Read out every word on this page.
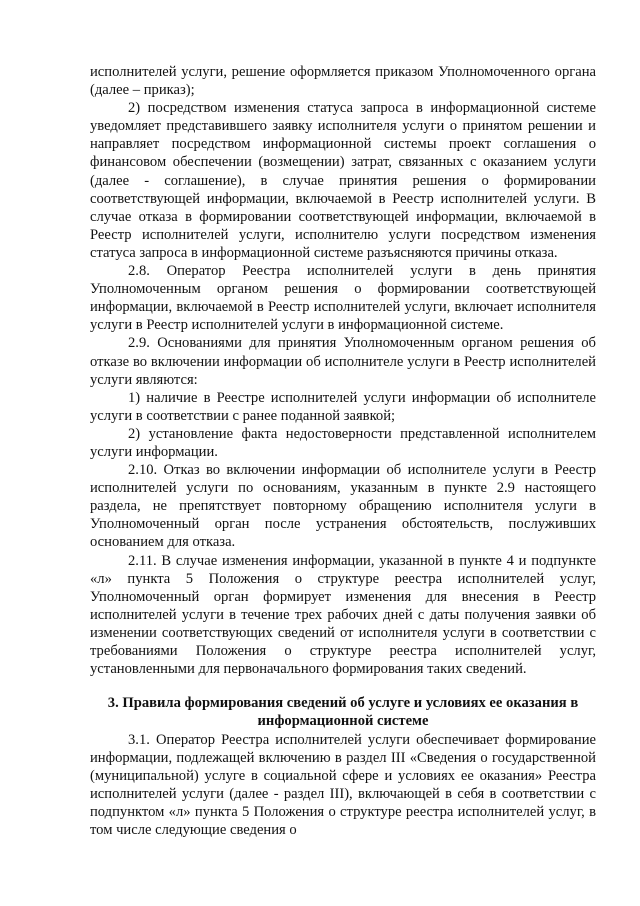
исполнителей услуги, решение оформляется приказом Уполномоченного органа (далее – приказ);

2) посредством изменения статуса запроса в информационной системе уведомляет представившего заявку исполнителя услуги о принятом решении и направляет посредством информационной системы проект соглашения о финансовом обеспечении (возмещении) затрат, связанных с оказанием услуги (далее - соглашение), в случае принятия решения о формировании соответствующей информации, включаемой в Реестр исполнителей услуги. В случае отказа в формировании соответствующей информации, включаемой в Реестр исполнителей услуги, исполнителю услуги посредством изменения статуса запроса в информационной системе разъясняются причины отказа.

2.8. Оператор Реестра исполнителей услуги в день принятия Уполномоченным органом решения о формировании соответствующей информации, включаемой в Реестр исполнителей услуги, включает исполнителя услуги в Реестр исполнителей услуги в информационной системе.

2.9. Основаниями для принятия Уполномоченным органом решения об отказе во включении информации об исполнителе услуги в Реестр исполнителей услуги являются:

1) наличие в Реестре исполнителей услуги информации об исполнителе услуги в соответствии с ранее поданной заявкой;

2) установление факта недостоверности представленной исполнителем услуги информации.

2.10. Отказ во включении информации об исполнителе услуги в Реестр исполнителей услуги по основаниям, указанным в пункте 2.9 настоящего раздела, не препятствует повторному обращению исполнителя услуги в Уполномоченный орган после устранения обстоятельств, послуживших основанием для отказа.

2.11. В случае изменения информации, указанной в пункте 4 и подпункте «л» пункта 5 Положения о структуре реестра исполнителей услуг, Уполномоченный орган формирует изменения для внесения в Реестр исполнителей услуги в течение трех рабочих дней с даты получения заявки об изменении соответствующих сведений от исполнителя услуги в соответствии с требованиями Положения о структуре реестра исполнителей услуг, установленными для первоначального формирования таких сведений.

3. Правила формирования сведений об услуге и условиях ее оказания в информационной системе

3.1. Оператор Реестра исполнителей услуги обеспечивает формирование информации, подлежащей включению в раздел III «Сведения о государственной (муниципальной) услуге в социальной сфере и условиях ее оказания» Реестра исполнителей услуги (далее - раздел III), включающей в себя в соответствии с подпунктом «л» пункта 5 Положения о структуре реестра исполнителей услуг, в том числе следующие сведения о
